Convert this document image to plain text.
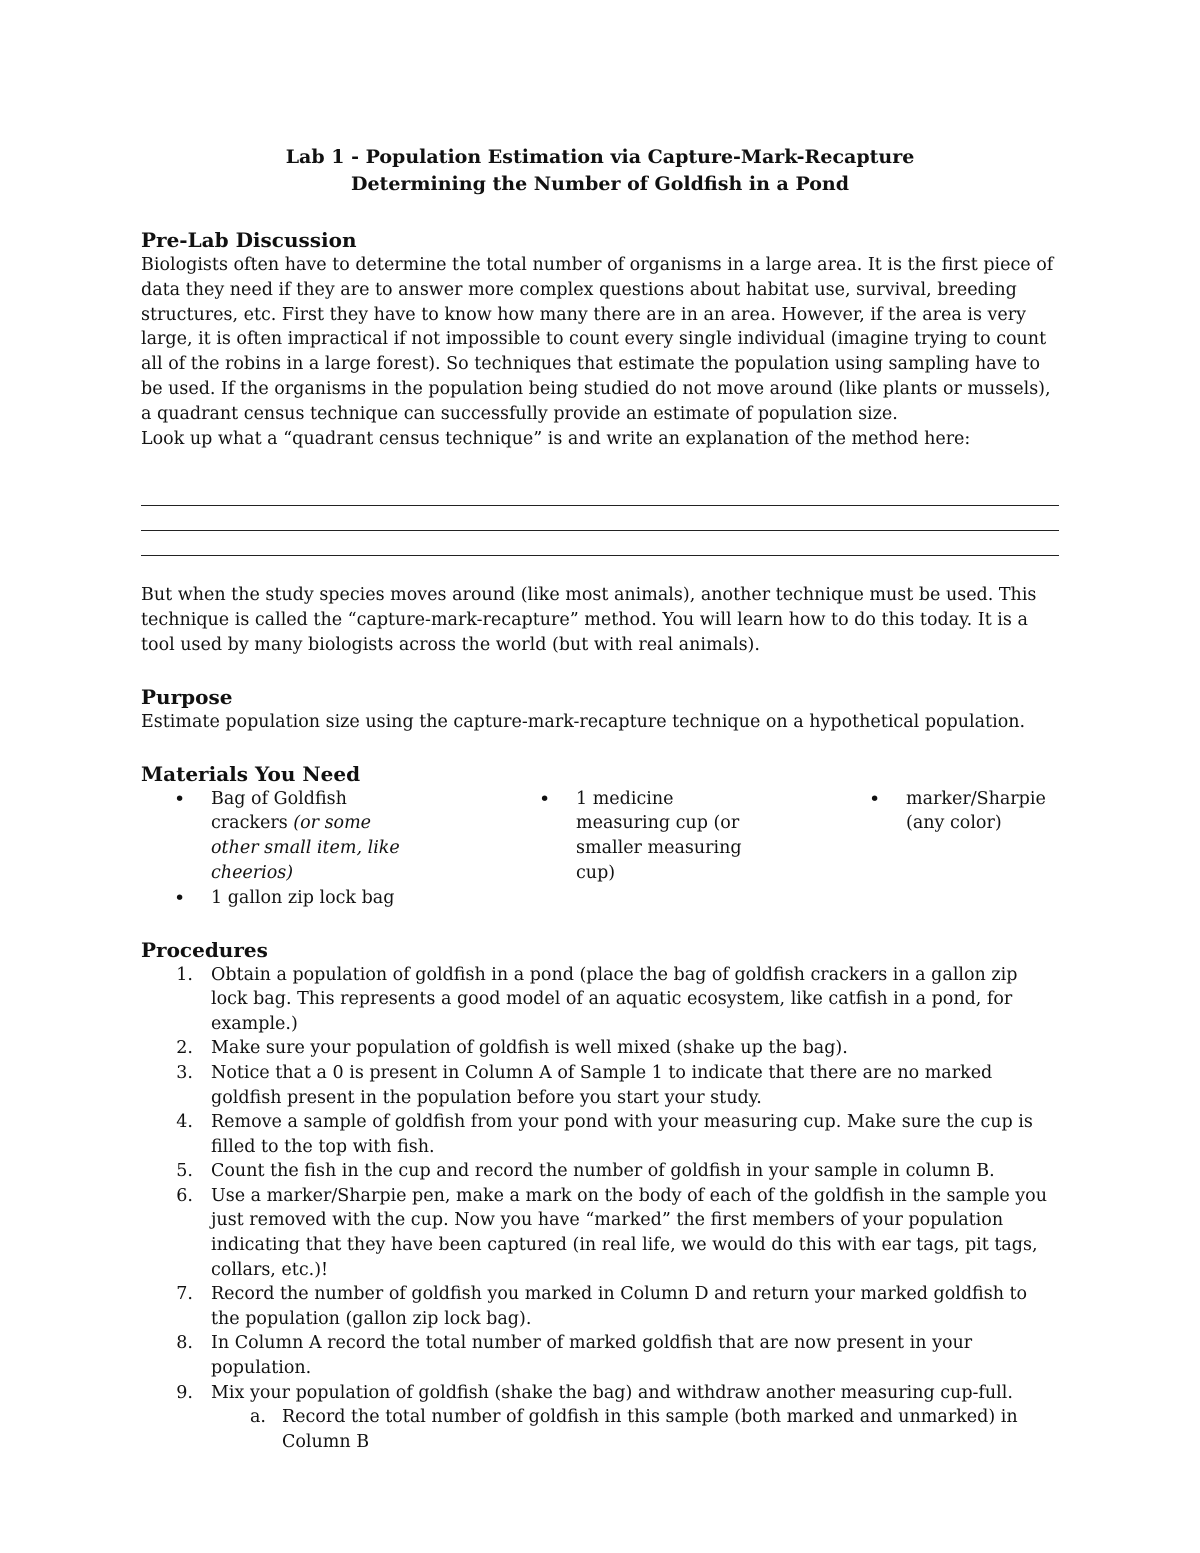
Lab 1 - Population Estimation via Capture-Mark-Recapture
Determining the Number of Goldfish in a Pond
Pre-Lab Discussion

Biologists often have to determine the total number of organisms in a large area. It is the first piece of data they need if they are to answer more complex questions about habitat use, survival, breeding structures, etc. First they have to know how many there are in an area. However, if the area is very large, it is often impractical if not impossible to count every single individual (imagine trying to count all of the robins in a large forest). So techniques that estimate the population using sampling have to be used. If the organisms in the population being studied do not move around (like plants or mussels), a quadrant census technique can successfully provide an estimate of population size.

Look up what a “quadrant census technique” is and write an explanation of the method here:

But when the study species moves around (like most animals), another technique must be used. This technique is called the “capture-mark-recapture” method. You will learn how to do this today. It is a tool used by many biologists across the world (but with real animals).

Purpose

Estimate population size using the capture-mark-recapture technique on a hypothetical population.

Materials You Need
• Bag of Goldfish crackers (or some other small item, like cheerios)
• 1 gallon zip lock bag
• 1 medicine measuring cup (or smaller measuring cup)
• marker/Sharpie (any color)
Procedures
1. Obtain a population of goldfish in a pond (place the bag of goldfish crackers in a gallon zip lock bag. This represents a good model of an aquatic ecosystem, like catfish in a pond, for example.)
2. Make sure your population of goldfish is well mixed (shake up the bag).
3. Notice that a 0 is present in Column A of Sample 1 to indicate that there are no marked goldfish present in the population before you start your study.
4. Remove a sample of goldfish from your pond with your measuring cup. Make sure the cup is filled to the top with fish.
5. Count the fish in the cup and record the number of goldfish in your sample in column B.
6. Use a marker/Sharpie pen, make a mark on the body of each of the goldfish in the sample you just removed with the cup. Now you have “marked” the first members of your population indicating that they have been captured (in real life, we would do this with ear tags, pit tags, collars, etc.)!
7. Record the number of goldfish you marked in Column D and return your marked goldfish to the population (gallon zip lock bag).
8. In Column A record the total number of marked goldfish that are now present in your population.
9. Mix your population of goldfish (shake the bag) and withdraw another measuring cup-full.
a. Record the total number of goldfish in this sample (both marked and unmarked) in Column B
